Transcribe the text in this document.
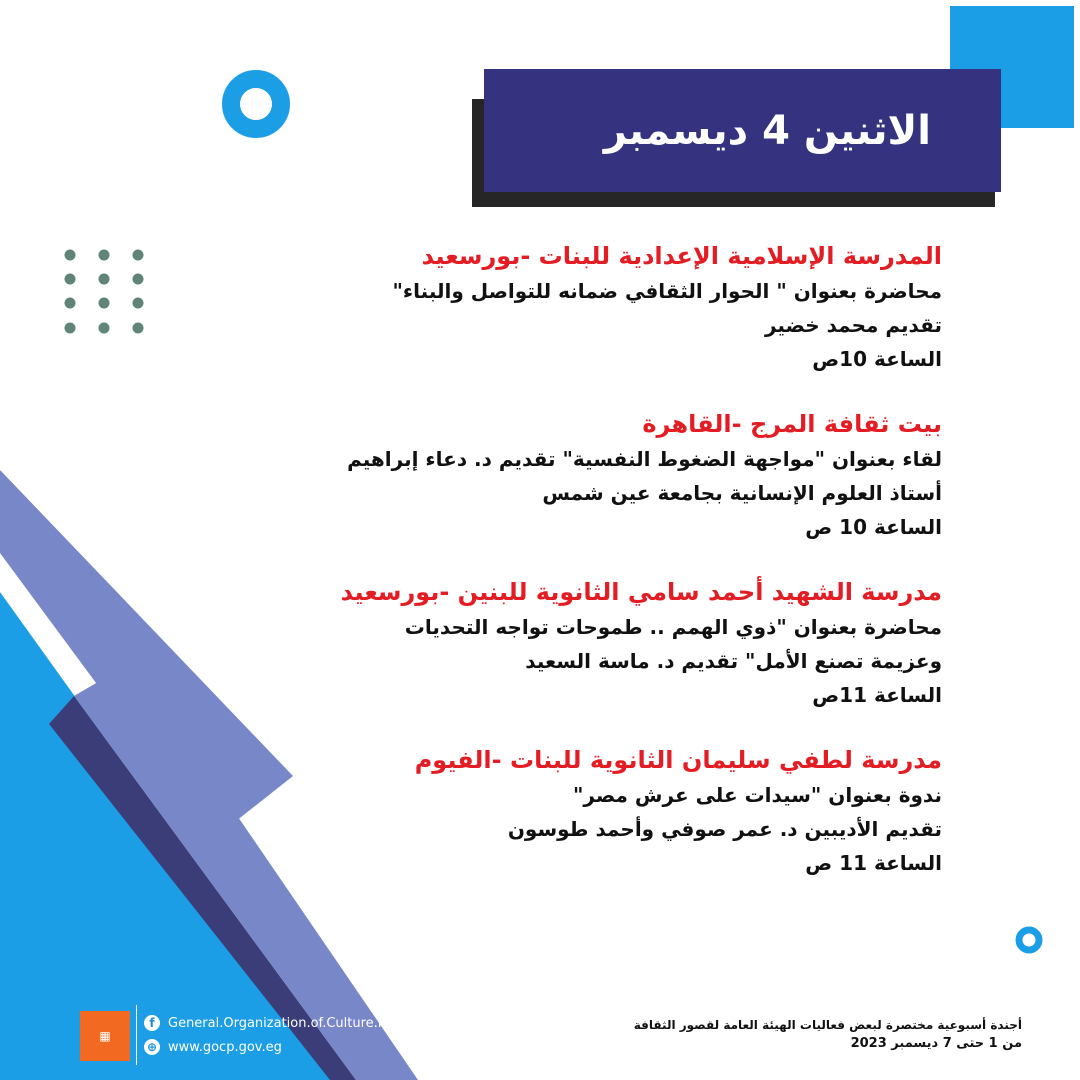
الاثنين 4 ديسمبر
المدرسة الإسلامية الإعدادية للبنات -بورسعيد
محاضرة بعنوان " الحوار الثقافي ضمانه للتواصل والبناء"
تقديم محمد خضير
الساعة 10ص
بيت ثقافة المرج -القاهرة
لقاء بعنوان "مواجهة الضغوط النفسية" تقديم د. دعاء إبراهيم
أستاذ العلوم الإنسانية بجامعة عين شمس
الساعة 10 ص
مدرسة الشهيد أحمد سامي الثانوية للبنين -بورسعيد
محاضرة بعنوان "ذوي الهمم .. طموحات تواجه التحديات
وعزيمة تصنع الأمل" تقديم د. ماسة السعيد
الساعة 11ص
مدرسة لطفي سليمان الثانوية للبنات -الفيوم
ندوة بعنوان "سيدات على عرش مصر"
تقديم الأديبين د. عمر صوفي وأحمد طوسون
الساعة 11 ص
▦
f	General.Organization.of.Culture.Palaces
⊕ www.gocp.gov.eg
أجندة أسبوعية مختصرة لبعض فعاليات الهيئة العامة لقصور الثقافة
من 1 حتى 7 ديسمبر 2023
